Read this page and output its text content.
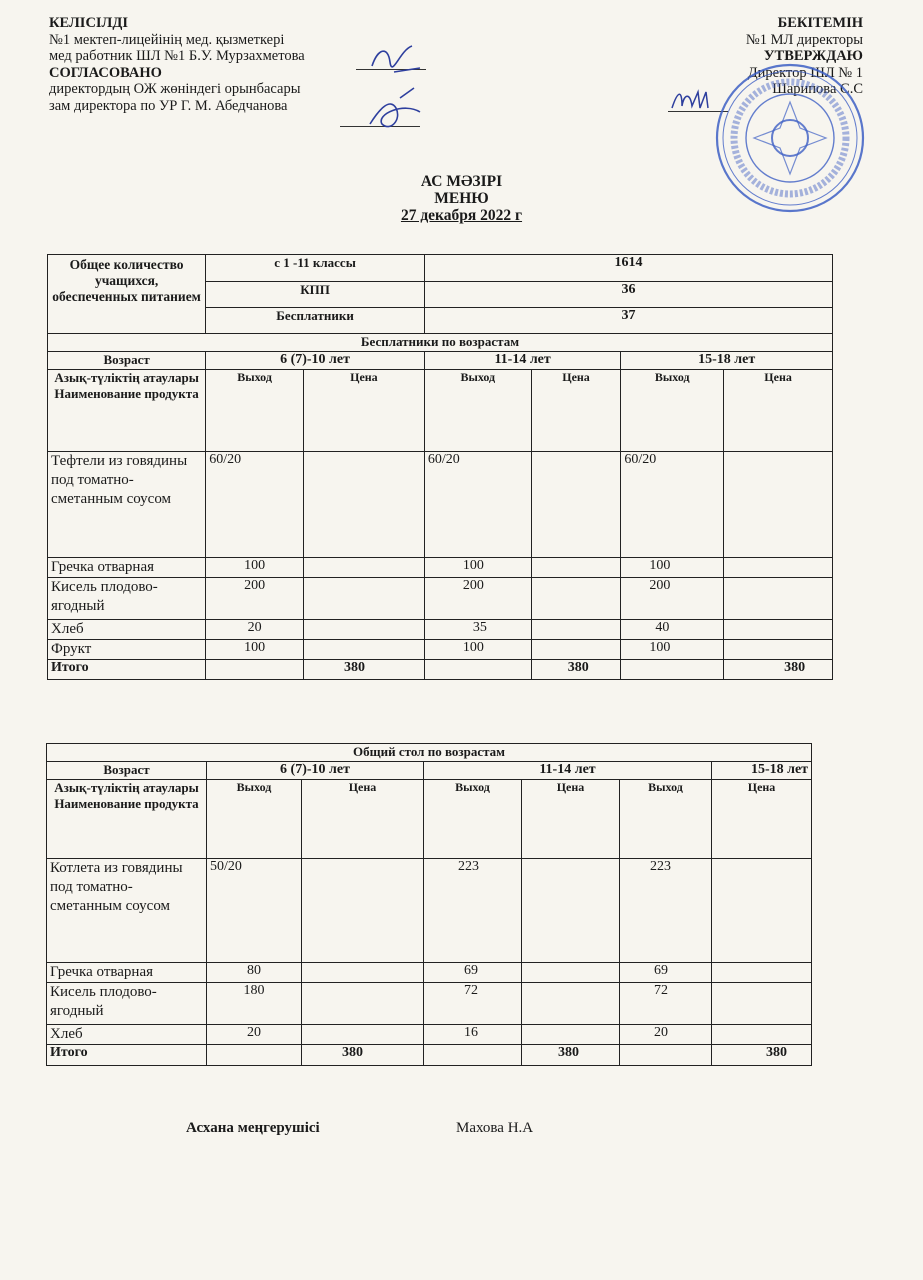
КЕЛІСІЛДІ
№1 мектеп-лицейінің мед. қызметкері
мед работник ШЛ №1 Б.У. Мурзахметова
СОГЛАСОВАНО
директордың ОЖ жөніндегі орынбасары
зам директора по УР Г. М. Абедчанова
БЕКІТЕМІН
№1 МЛ директоры
УТВЕРЖДАЮ
Директор ШЛ № 1
Шарипова С.С
АС МӘЗІРІ
МЕНЮ
27 декабря 2022 г
Общее количество учащихся, обеспеченных питанием	с 1 -11 классы		1614			
	КПП		36			
	Бесплатники		37			
Бесплатники по возрастам						
Возраст	6 (7)-10 лет		11-14 лет		15-18 лет	
Азық-түліктің атаулары Наименование продукта	Выход	Цена	Выход	Цена	Выход	Цена
Тефтели из говядины под томатно-сметанным соусом	60/20		60/20		60/20	
Гречка отварная	100		100		100	
Кисель плодово-ягодный	200		200		200	
Хлеб	20		35		40	
Фрукт	100		100		100	
Итого		380		380		380
Общий стол по возрастам						
Возраст	6 (7)-10 лет		11-14 лет			15-18 лет
Азық-түліктің атаулары Наименование продукта	Выход	Цена	Выход	Цена	Выход	Цена
Котлета из говядины под томатно-сметанным соусом	50/20		223		223	
Гречка отварная	80		69		69	
Кисель плодово-ягодный	180		72		72	
Хлеб	20		16		20	
Итого		380		380		380
Асхана меңгерушісі	Махова Н.А
